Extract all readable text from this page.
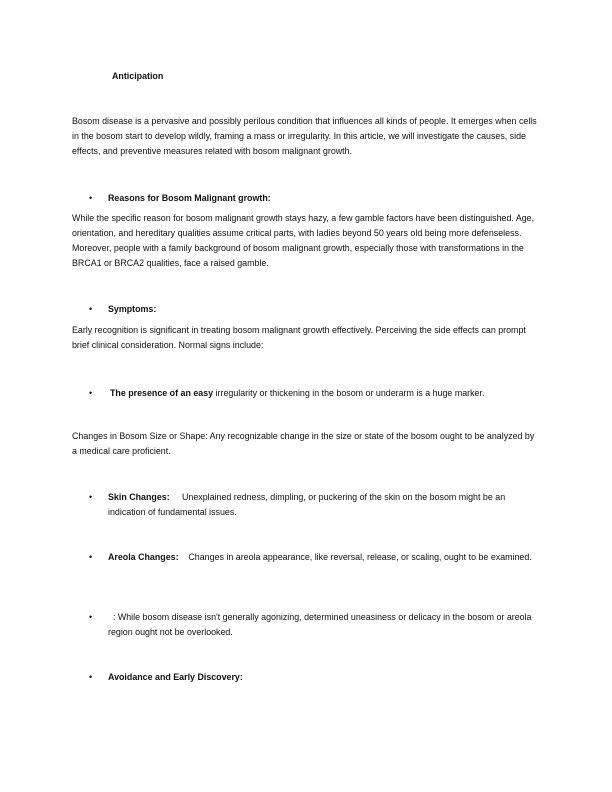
Anticipation
Bosom disease is a pervasive and possibly perilous condition that influences all kinds of people. It emerges when cells in the bosom start to develop wildly, framing a mass or irregularity. In this article, we will investigate the causes, side effects, and preventive measures related with bosom malignant growth.
•	Reasons for Bosom Malignant growth:
While the specific reason for bosom malignant growth stays hazy, a few gamble factors have been distinguished. Age, orientation, and hereditary qualities assume critical parts, with ladies beyond 50 years old being more defenseless. Moreover, people with a family background of bosom malignant growth, especially those with transformations in the BRCA1 or BRCA2 qualities, face a raised gamble.
•	Symptoms:
Early recognition is significant in treating bosom malignant growth effectively. Perceiving the side effects can prompt brief clinical consideration. Normal signs include:
•	The presence of an easy irregularity or thickening in the bosom or underarm is a huge marker.
Changes in Bosom Size or Shape: Any recognizable change in the size or state of the bosom ought to be analyzed by a medical care proficient.
•	Skin Changes:     Unexplained redness, dimpling, or puckering of the skin on the bosom might be an indication of fundamental issues.
•	Areola Changes:    Changes in areola appearance, like reversal, release, or scaling, ought to be examined.
•	: While bosom disease isn't generally agonizing, determined uneasiness or delicacy in the bosom or areola region ought not be overlooked.
•	Avoidance and Early Discovery:
